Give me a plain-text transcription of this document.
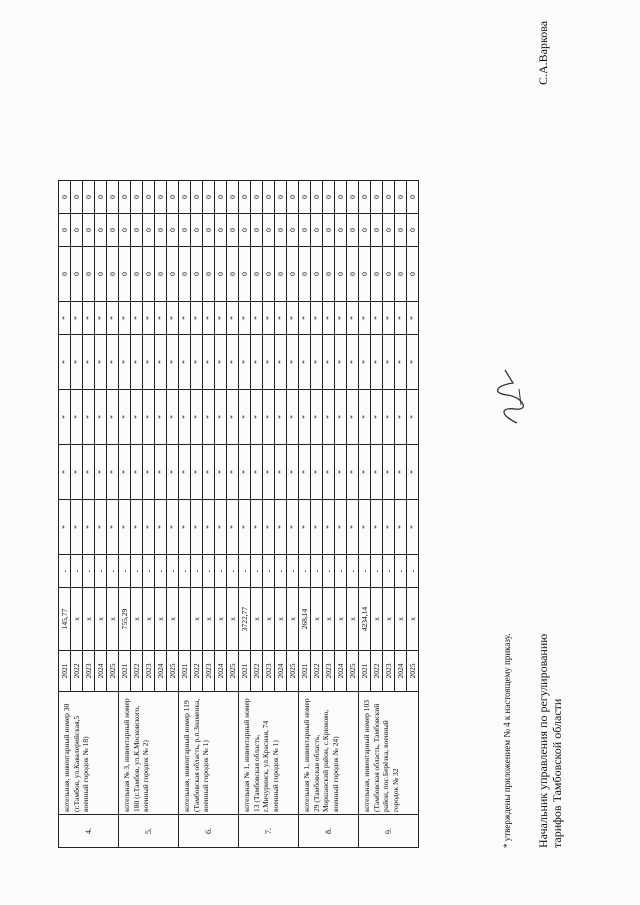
4.	котельная, инвентарный номер 30 (г.Тамбов, ул.Кавалерийская,5 военный городок № 18)	2021	145,77	-	*	*	*	*	*	0	0	0
		2022	x	-	*	*	*	*	*	0	0	0
		2023	x	-	*	*	*	*	*	0	0	0
		2024	x	-	*	*	*	*	*	0	0	0
		2025	x	-	*	*	*	*	*	0	0	0
5.	котельная № 3, инвентарный номер 180 (г.Тамбов, ул.К.Московского, военный городок № 2)	2021	755,29	-	*	*	*	*	*	0	0	0
		2022	x	-	*	*	*	*	*	0	0	0
		2023	x	-	*	*	*	*	*	0	0	0
		2024	x	-	*	*	*	*	*	0	0	0
		2025	x	-	*	*	*	*	*	0	0	0
6.	котельная, инвентарный номер 119 (Тамбовская область, р.п.Знаменка, военный городок № 1)	2021		-	*	*	*	*	*	0	0	0
		2022	x	-	*	*	*	*	*	0	0	0
		2023	x	-	*	*	*	*	*	0	0	0
		2024	x	-	*	*	*	*	*	0	0	0
		2025	x	-	*	*	*	*	*	0	0	0
7.	котельная № 1, инвентарный номер 13 (Тамбовская область, г.Мичуринск, ул.Красная, 74 военный городок № 1)	2021	3722,77	-	*	*	*	*	*	0	0	0
		2022	x	-	*	*	*	*	*	0	0	0
		2023	x	-	*	*	*	*	*	0	0	0
		2024	x	-	*	*	*	*	*	0	0	0
		2025	x	-	*	*	*	*	*	0	0	0
8.	котельная № 1, инвентарный номер 29 (Тамбовская область, Моршанский район, с.Крюково, военный городок № 24)	2021	268,14	-	*	*	*	*	*	0	0	0
		2022	x	-	*	*	*	*	*	0	0	0
		2023	x	-	*	*	*	*	*	0	0	0
		2024	x	-	*	*	*	*	*	0	0	0
		2025	x	-	*	*	*	*	*	0	0	0
9.	котельная, инвентарный номер 103 (Тамбовская область, Тамбовский район, пос.Берёзка, военный городок № 32	2021	4234,14	-	*	*	*	*	*	0	0	0
		2022	x	-	*	*	*	*	*	0	0	0
		2023	x	-	*	*	*	*	*	0	0	0
		2024	x	-	*	*	*	*	*	0	0	0
		2025	x	-	*	*	*	*	*	0	0	0
* утверждены приложением № 4 к настоящему приказу. Начальник управления по регулированию тарифов Тамбовской области
С.А.Варкова
